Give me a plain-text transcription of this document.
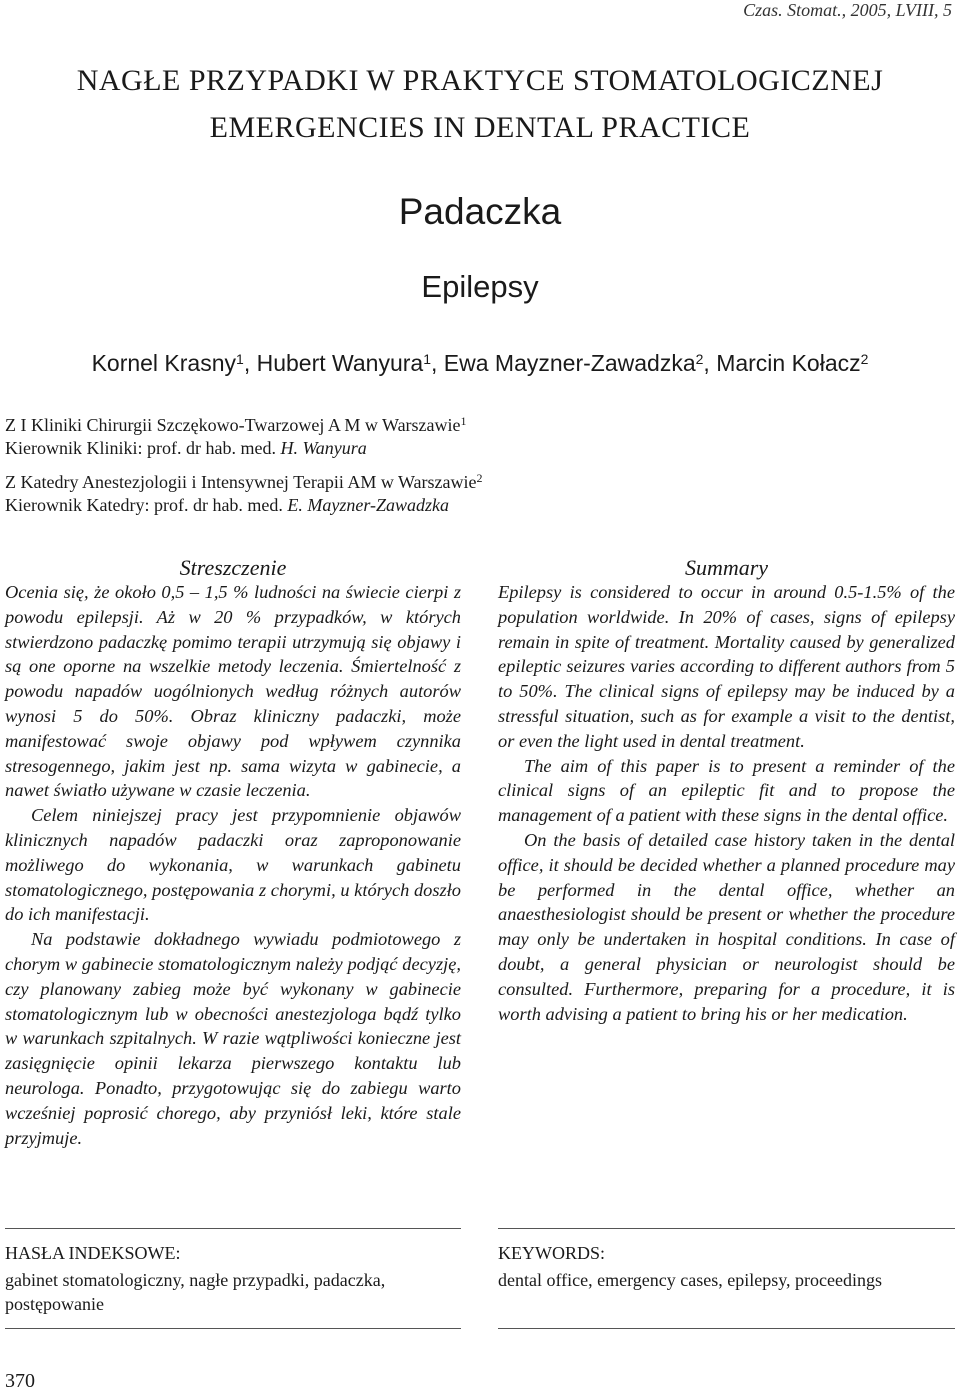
Czas. Stomat., 2005, LVIII, 5
NAGŁE PRZYPADKI W PRAKTYCE STOMATOLOGICZNEJ
EMERGENCIES IN DENTAL PRACTICE
Padaczka
Epilepsy
Kornel Krasny$^1$, Hubert Wanyura$^1$, Ewa Mayzner-Zawadzka$^2$, Marcin Kołacz$^2$
Z I Kliniki Chirurgii Szczękowo-Twarzowej A M w Warszawie$^1$
Kierownik Kliniki: prof. dr hab. med. H. Wanyura
Z Katedry Anestezjologii i Intensywnej Terapii AM w Warszawie$^2$
Kierownik Katedry: prof. dr hab. med. E. Mayzner-Zawadzka
Streszczenie	Summary

Ocenia się, że około 0,5 – 1,5 % ludności na świecie cierpi z powodu epilepsji. Aż w 20 % przypadków, w których stwierdzono padaczkę pomimo terapii utrzymują się objawy i są one oporne na wszelkie metody leczenia. Śmiertelność z powodu napadów uogólnionych według różnych autorów wynosi 5 do 50%. Obraz kliniczny padaczki, może manifestować swoje objawy pod wpływem czynnika stresogennego, jakim jest np. sama wizyta w gabinecie, a nawet światło używane w czasie leczenia.

Celem niniejszej pracy jest przypomnienie objawów klinicznych napadów padaczki oraz zaproponowanie możliwego do wykonania, w warunkach gabinetu stomatologicznego, postępowania z chorymi, u których doszło do ich manifestacji.

Na podstawie dokładnego wywiadu podmiotowego z chorym w gabinecie stomatologicznym należy podjąć decyzję, czy planowany zabieg może być wykonany w gabinecie stomatologicznym lub w obecności anestezjologa bądź tylko w warunkach szpitalnych. W razie wątpliwości konieczne jest zasięgnięcie opinii lekarza pierwszego kontaktu lub neurologa. Ponadto, przygotowując się do zabiegu warto wcześniej poprosić chorego, aby przyniósł leki, które stale przyjmuje.

Epilepsy is considered to occur in around 0.5-1.5% of the population worldwide. In 20% of cases, signs of epilepsy remain in spite of treatment. Mortality caused by generalized epileptic seizures varies according to different authors from 5 to 50%. The clinical signs of epilepsy may be induced by a stressful situation, such as for example a visit to the dentist, or even the light used in dental treatment.

The aim of this paper is to present a reminder of the clinical signs of an epileptic fit and to propose the management of a patient with these signs in the dental office.

On the basis of detailed case history taken in the dental office, it should be decided whether a planned procedure may be performed in the dental office, whether an anaesthesiologist should be present or whether the procedure may only be undertaken in hospital conditions. In case of doubt, a general physician or neurologist should be consulted. Furthermore, preparing for a procedure, it is worth advising a patient to bring his or her medication.

HASŁA INDEKSOWE:
gabinet stomatologiczny, nagłe przypadki, padaczka, postępowanie
KEYWORDS:
dental office, emergency cases, epilepsy, proceedings
370
